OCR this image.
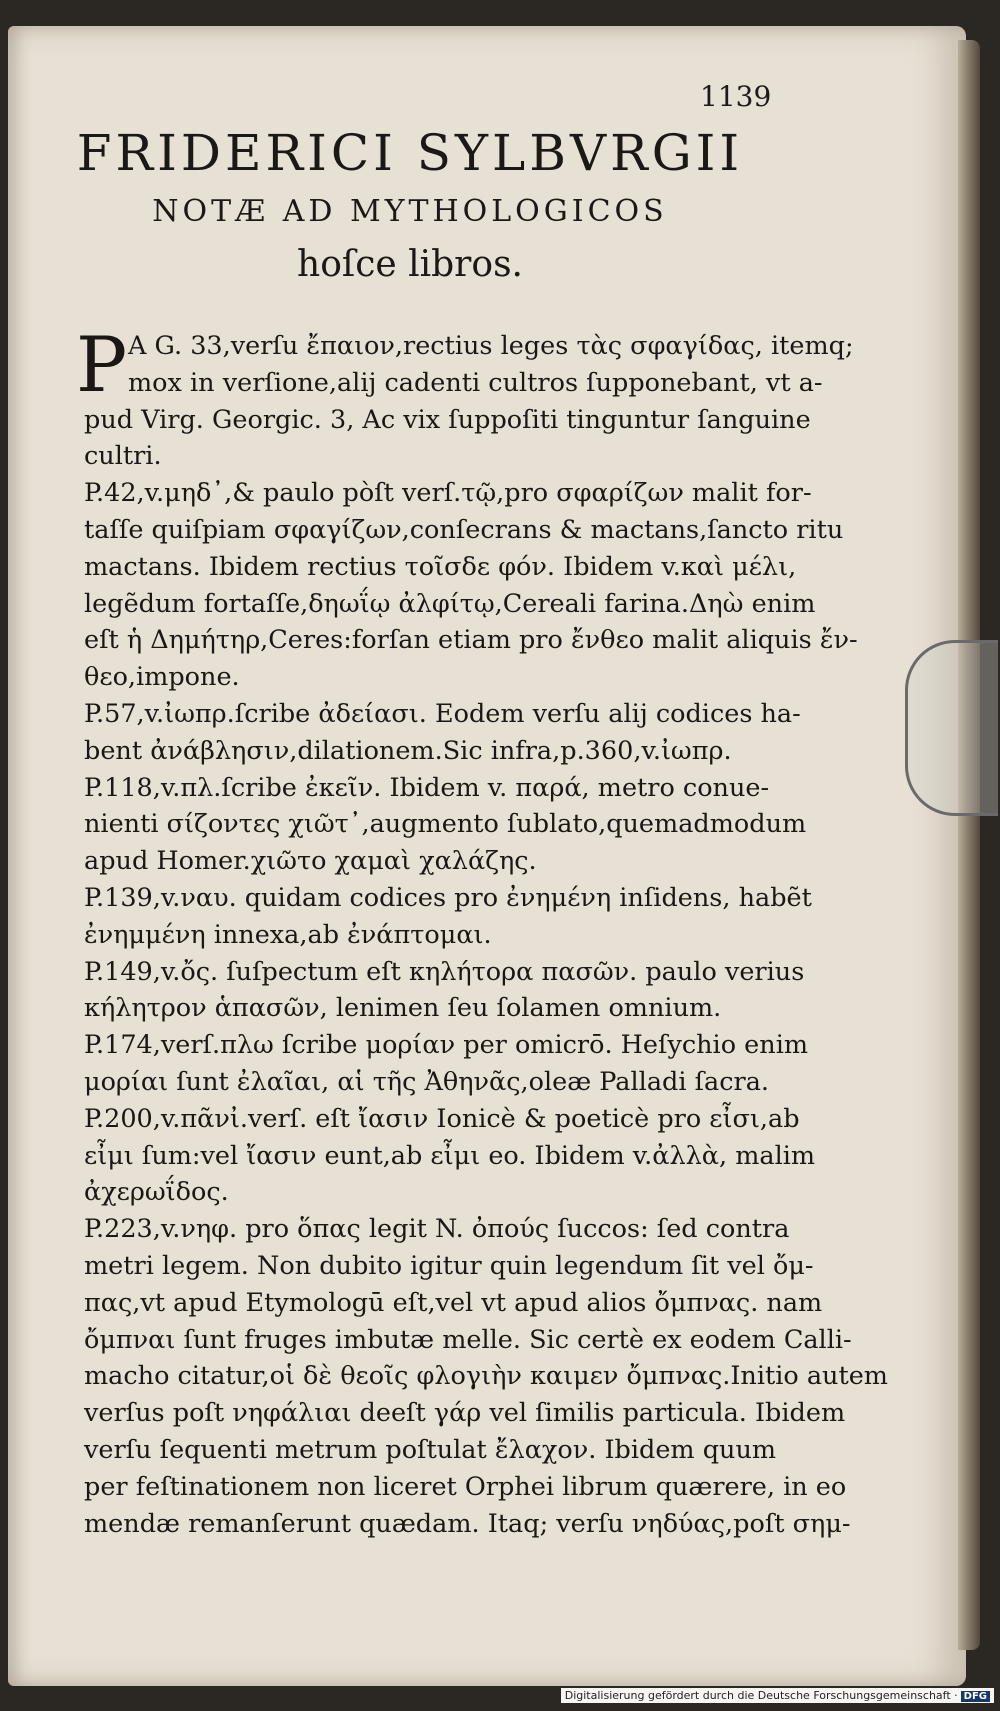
1139
FRIDERICI SYLBVRGII
NOTÆ AD MYTHOLOGICOS
hoſce libros.
P A G. 33,verſu ἔπαιον,rectius leges τὰς σφαγίδας, itemq;
mox in verſione,alij cadenti cultros ſupponebant, vt a-
pud Virg. Georgic. 3, Ac vix ſuppoſiti tinguntur ſanguine
cultri.
P.42,v.μηδ᾽,& paulo pòſt verſ.τῷ,pro σφαρίζων malit for-
taſſe quiſpiam σφαγίζων,conſecrans & mactans,ſancto ritu
mactans. Ibidem rectius τοῖσδε φόν. Ibidem v.καὶ μέλι,
legẽdum fortaſſe,δηωΐῳ ἀλφίτῳ,Cereali farina.Δηὼ enim
eſt ἡ Δημήτηρ,Ceres:forſan etiam pro ἔνθεο malit aliquis ἔν-
θεο,impone.
P.57,v.ἰωπρ.ſcribe ἀδείασι. Eodem verſu alij codices ha-
bent ἀνάβλησιν,dilationem.Sic infra,p.360,v.ἰωπρ.
P.118,v.πλ.ſcribe ἐκεῖν. Ibidem v. παρά, metro conue-
nienti σίζοντες χιῶτ᾽,augmento ſublato,quemadmodum
apud Homer.χιῶτο χαμαὶ χαλάζης.
P.139,v.ναυ. quidam codices pro ἐνημένη inſidens, habẽt
ἐνημμένη innexa,ab ἐνάπτομαι.
P.149,v.ὄς. ſuſpectum eſt κηλήτορα πασῶν. paulo verius
κήλητρον ἁπασῶν, lenimen ſeu ſolamen omnium.
P.174,verſ.πλω ſcribe μορίαν per omicrō. Heſychio enim
μορίαι ſunt ἐλαῖαι, αἱ τῆς Ἀθηνᾶς,oleæ Palladi ſacra.
P.200,v.πᾶνἰ.verſ. eſt ἴασιν Ionicè & poeticè pro εἶσι,ab
εἶμι ſum:vel ἴασιν eunt,ab εἶμι eo. Ibidem v.ἀλλὰ, malim
ἀχερωΐδος.
P.223,v.νηφ. pro ὅπας legit N. ὀπούς ſuccos: ſed contra
metri legem. Non dubito igitur quin legendum ſit vel ὄμ-
πας,vt apud Etymologū eſt,vel vt apud alios ὄμπνας. nam
ὄμπναι ſunt fruges imbutæ melle. Sic certè ex eodem Calli-
macho citatur,οἱ δὲ θεοῖς φλογιὴν καιμεν ὄμπνας.Initio autem
verſus poſt νηφάλιαι deeſt γάρ vel ſimilis particula. Ibidem
verſu ſequenti metrum poſtulat ἔλαχον. Ibidem quum
per feſtinationem non liceret Orphei librum quærere, in eo
mendæ remanſerunt quædam. Itaq; verſu νηδύας,poſt σημ-
Digitalisierung gefördert durch die Deutsche Forschungsgemeinschaft · DFG
